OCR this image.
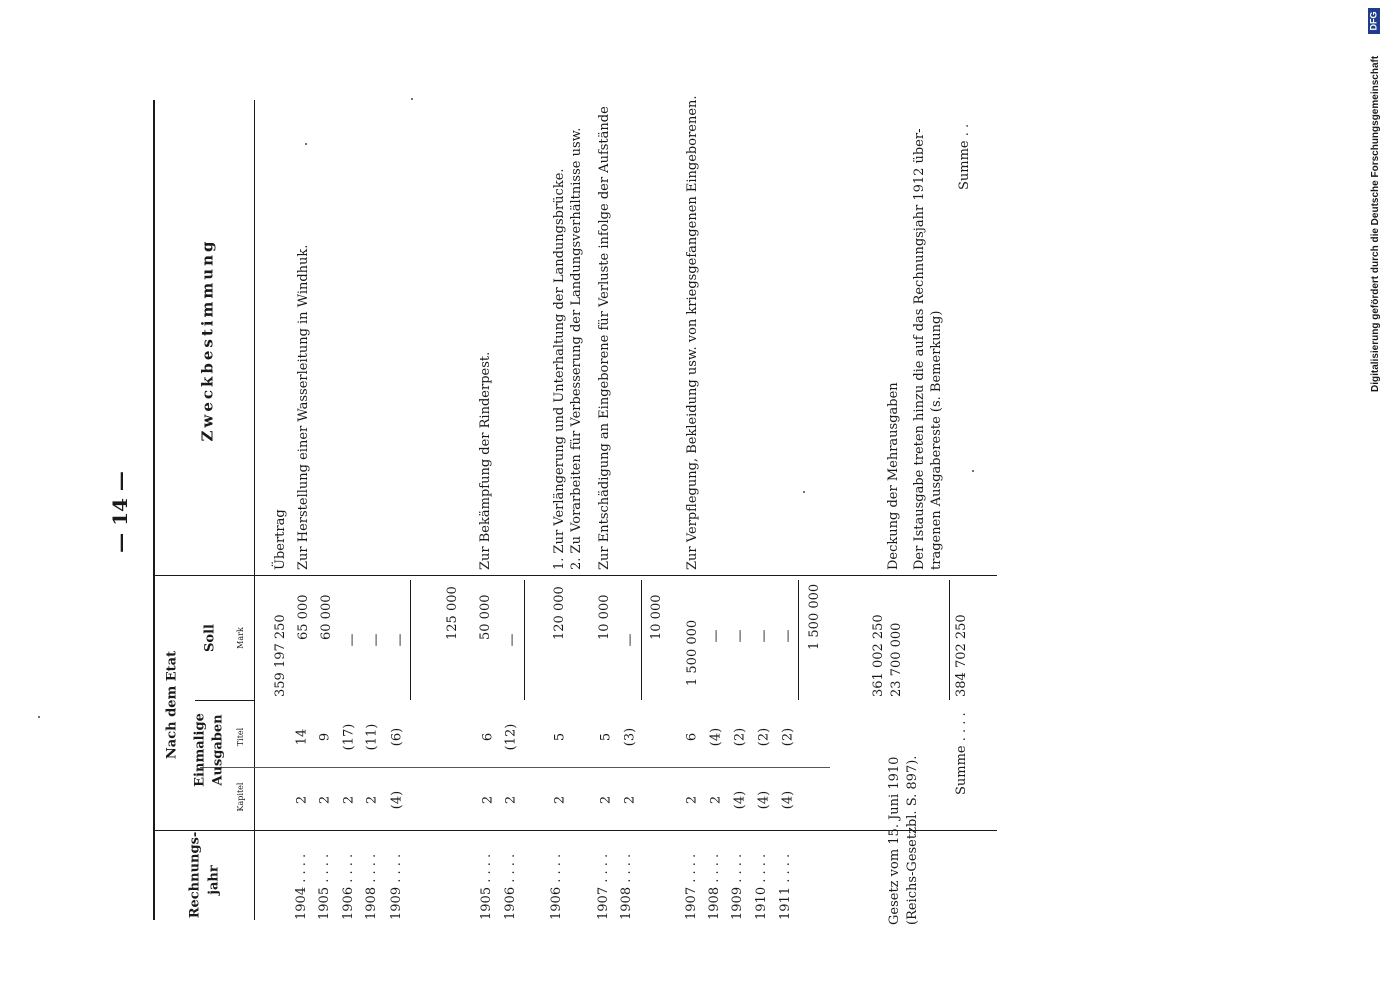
— 14 —
Rechnungs- jahr
Nach dem Etat Einmalige Ausgaben
Kapitel
Titel
Soll Mark
Zweckbestimmung
1904 . . . .
2
14
359 197 250
Übertrag
1905 . . . .
2
9
65 000
Zur Herstellung einer Wasserleitung in Windhuk.
1906 . . . .
2
(17)
60 000
1908 . . . .
2
(11)
—
1909 . . . .
(4)
(6)
— —	125 000
1905 . . . .
2
6
50 000
Zur Bekämpfung der Rinderpest.
1906 . . . .
2
(12)
—
1906 . . . .
2
5
120 000
1. Zur Verlängerung und Unterhaltung der Landungsbrücke. 2. Zu Vorarbeiten für Verbesserung der Landungsverhältnisse usw.
1907 . . . .
2
5
10 000
Zur Entschädigung an Eingeborene für Verluste infolge der Aufstände
1908 . . . .
2
(3)
— 10 000
1907 . . . .
2
6
1 500 000
Zur Verpflegung, Bekleidung usw. von kriegsgefangenen Eingeborenen.
1908 . . . .
2
(4)
—
1909 . . . .
(4)
(2)
—
1910 . . . .
(4)
(2)
—
1911 . . . .
(4)
(2)
— 1 500 000
Gesetz vom 15. Juni 1910 (Reichs-Gesetzbl. S. 897).
361 002 250 23 700 000
Deckung der Mehrausgaben Der Istausgabe treten hinzu die auf das Rechnungsjahr 1912 über- tragenen Ausgabereste (s. Bemerkung)
Summe . . . .
384 702 250
Summe . .	Digitalisierung gefördert durch die Deutsche Forschungsgemeinschaft
DFG
